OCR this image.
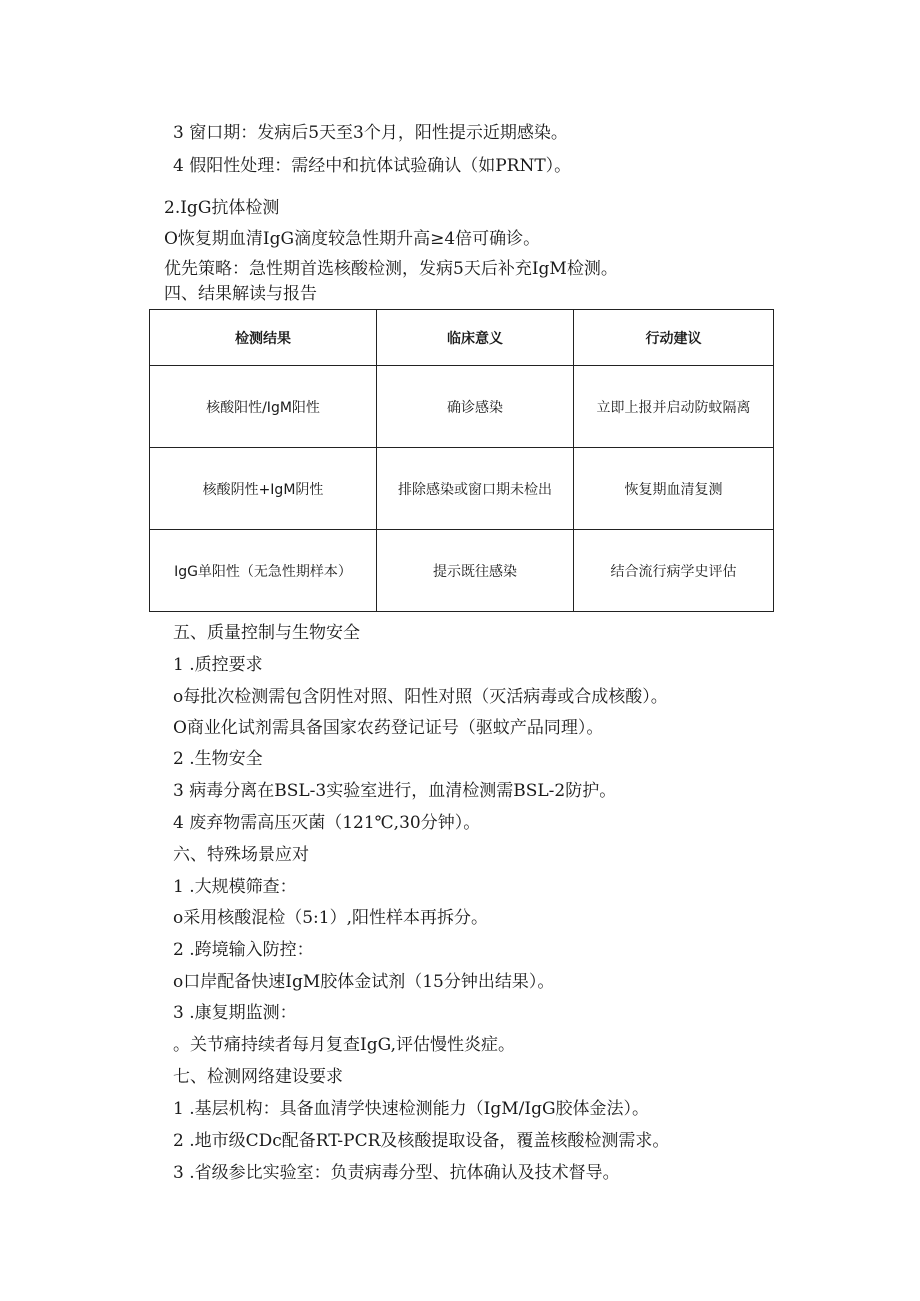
3 窗口期：发病后5天至3个月，阳性提示近期感染。
4 假阳性处理：需经中和抗体试验确认（如PRNT）。
2.IgG抗体检测
O恢复期血清IgG滴度较急性期升高≥4倍可确诊。
优先策略：急性期首选核酸检测，发病5天后补充IgM检测。
四、结果解读与报告
检测结果	临床意义	行动建议
核酸阳性/IgM阳性	确诊感染	立即上报并启动防蚊隔离
核酸阴性+IgM阴性	排除感染或窗口期未检出	恢复期血清复测
IgG单阳性（无急性期样本）	提示既往感染	结合流行病学史评估
五、质量控制与生物安全
1 .质控要求
o每批次检测需包含阴性对照、阳性对照（灭活病毒或合成核酸）。
O商业化试剂需具备国家农药登记证号（驱蚊产品同理）。
2 .生物安全
3 病毒分离在BSL-3实验室进行，血清检测需BSL-2防护。
4 废弃物需高压灭菌（121℃,30分钟）。
六、特殊场景应对
1 .大规模筛查：
o采用核酸混检（5:1）,阳性样本再拆分。
2 .跨境输入防控：
o口岸配备快速IgM胶体金试剂（15分钟出结果）。
3 .康复期监测：
。关节痛持续者每月复查IgG,评估慢性炎症。
七、检测网络建设要求
1 .基层机构：具备血清学快速检测能力（IgM/IgG胶体金法）。
2 .地市级CDc配备RT-PCR及核酸提取设备，覆盖核酸检测需求。
3 .省级参比实验室：负责病毒分型、抗体确认及技术督导。
